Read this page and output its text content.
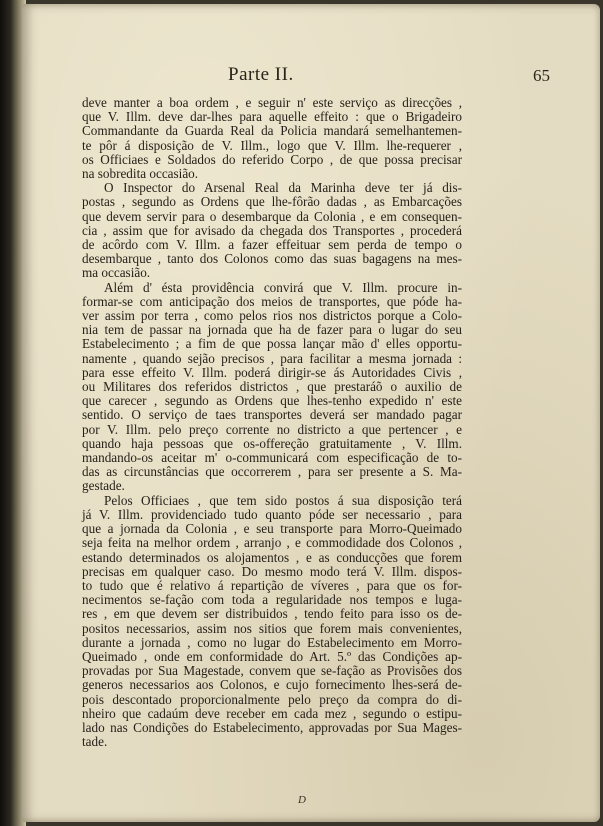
Parte II.	65
deve manter a boa ordem , e seguir n' este serviço as direcções ,
que V. Illm. deve dar-lhes para aquelle effeito : que o Brigadeiro
Commandante da Guarda Real da Policia mandará semelhantemen-
te pôr á disposição de V. Illm., logo que V. Illm. lhe-requerer ,
os Officiaes e Soldados do referido Corpo , de que possa precisar
na sobredita occasião.
O Inspector do Arsenal Real da Marinha deve ter já dis-
postas , segundo as Ordens que lhe-fôrão dadas , as Embarcações
que devem servir para o desembarque da Colonia , e em consequen-
cia , assim que for avisado da chegada dos Transportes , procederá
de acôrdo com V. Illm. a fazer effeituar sem perda de tempo o
desembarque , tanto dos Colonos como das suas bagagens na mes-
ma occasião.
Além d' ésta providência convirá que V. Illm. procure in-
formar-se com anticipação dos meios de transportes, que póde ha-
ver assim por terra , como pelos rios nos districtos porque a Colo-
nia tem de passar na jornada que ha de fazer para o lugar do seu
Estabelecimento ; a fim de que possa lançar mão d' elles opportu-
namente , quando sejão precisos , para facilitar a mesma jornada :
para esse effeito V. Illm. poderá dirigir-se ás Autoridades Civis ,
ou Militares dos referidos districtos , que prestaráõ o auxilio de
que carecer , segundo as Ordens que lhes-tenho expedido n' este
sentido. O serviço de taes transportes deverá ser mandado pagar
por V. Illm. pelo preço corrente no districto a que pertencer , e
quando haja pessoas que os-offereção gratuitamente , V. Illm.
mandando-os aceitar m' o-communicará com especificação de to-
das as circunstâncias que occorrerem , para ser presente a S. Ma-
gestade.
Pelos Officiaes , que tem sido postos á sua disposição terá
já V. Illm. providenciado tudo quanto póde ser necessario , para
que a jornada da Colonia , e seu transporte para Morro-Queimado
seja feita na melhor ordem , arranjo , e commodidade dos Colonos ,
estando determinados os alojamentos , e as conducções que forem
precisas em qualquer caso. Do mesmo modo terá V. Illm. dispos-
to tudo que é relativo á repartição de víveres , para que os for-
necimentos se-fação com toda a regularidade nos tempos e luga-
res , em que devem ser distribuidos , tendo feito para isso os de-
positos necessarios, assim nos sitios que forem mais convenientes,
durante a jornada , como no lugar do Estabelecimento em Morro-
Queimado , onde em conformidade do Art. 5.º das Condições ap-
provadas por Sua Magestade, convem que se-fação as Provisões dos
generos necessarios aos Colonos, e cujo fornecimento lhes-será de-
pois descontado proporcionalmente pelo preço da compra do di-
nheiro que cadaúm deve receber em cada mez , segundo o estipu-
lado nas Condições do Estabelecimento, approvadas por Sua Mages-
tade.
D
